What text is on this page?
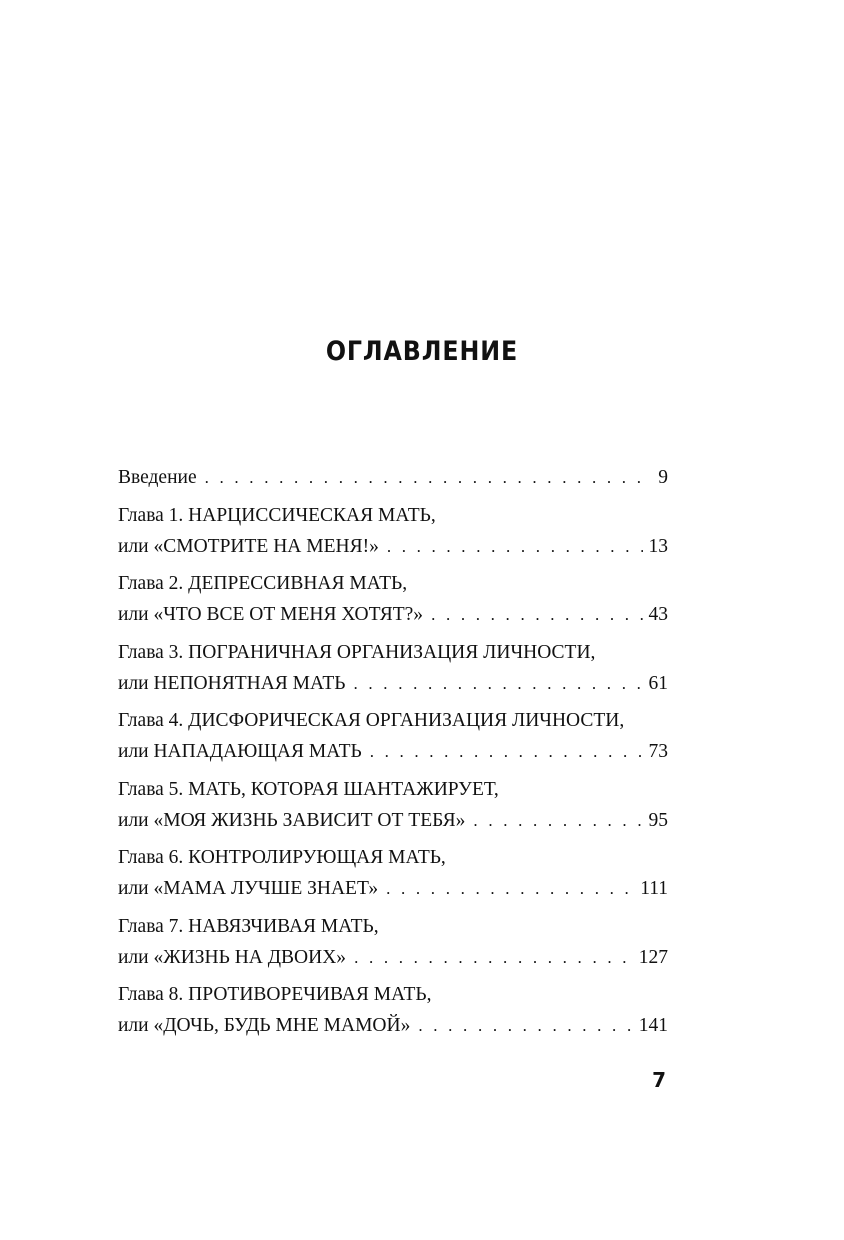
ОГЛАВЛЕНИЕ
Введение . . .	9
Глава 1. НАРЦИССИЧЕСКАЯ МАТЬ,
или «СМОТРИТЕ НА МЕНЯ!» . . .	13
Глава 2. ДЕПРЕССИВНАЯ МАТЬ,
или «ЧТО ВСЕ ОТ МЕНЯ ХОТЯТ?» . . .	43
Глава 3. ПОГРАНИЧНАЯ ОРГАНИЗАЦИЯ ЛИЧНОСТИ,
или НЕПОНЯТНАЯ МАТЬ . . .	61
Глава 4. ДИСФОРИЧЕСКАЯ ОРГАНИЗАЦИЯ ЛИЧНОСТИ,
или НАПАДАЮЩАЯ МАТЬ . . .	73
Глава 5. МАТЬ, КОТОРАЯ ШАНТАЖИРУЕТ,
или «МОЯ ЖИЗНЬ ЗАВИСИТ ОТ ТЕБЯ» . . .	95
Глава 6. КОНТРОЛИРУЮЩАЯ МАТЬ,
или «МАМА ЛУЧШЕ ЗНАЕТ» . . .	111
Глава 7. НАВЯЗЧИВАЯ МАТЬ,
или «ЖИЗНЬ НА ДВОИХ» . . .	127
Глава 8. ПРОТИВОРЕЧИВАЯ МАТЬ,
или «ДОЧЬ, БУДЬ МНЕ МАМОЙ» . . .	141
7
